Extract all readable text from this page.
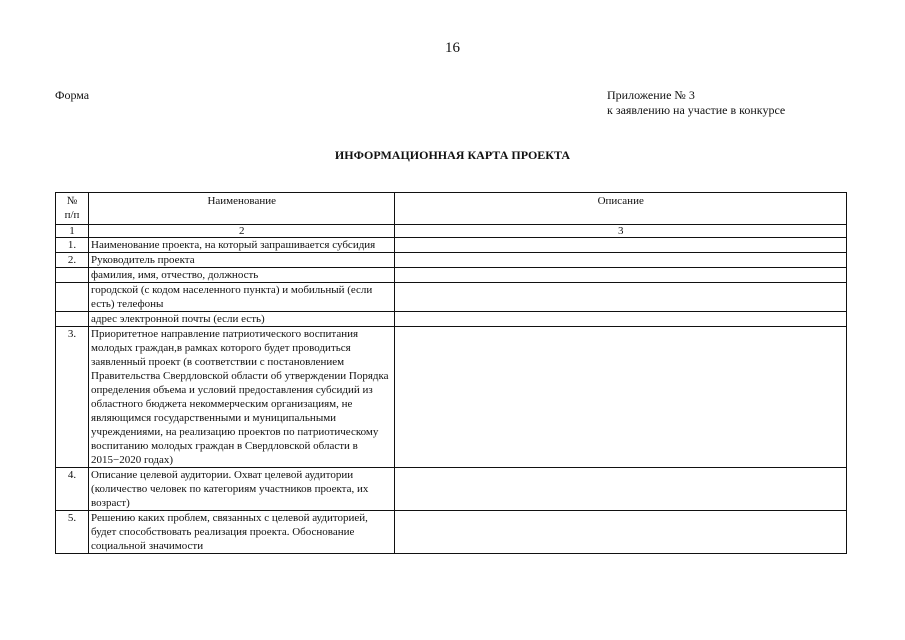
16
Форма	Приложение № 3
к заявлению на участие в конкурсе
ИНФОРМАЦИОННАЯ КАРТА ПРОЕКТА
№
п/п	Наименование	Описание
1	2	3
1.	Наименование проекта, на который запрашивается субсидия	
2.	Руководитель проекта	
	фамилия, имя, отчество, должность	
	городской (с кодом населенного пункта) и мобильный (если есть) телефоны	
	адрес электронной почты (если есть)	
3.	Приоритетное направление патриотического воспитания молодых граждан,в рамках которого будет проводиться заявленный проект (в соответствии с постановлением Правительства Свердловской области об утверждении Порядка определения объема и условий предоставления субсидий из областного бюджета некоммерческим организациям, не являющимся государственными и муниципальными учреждениями, на реализацию проектов по патриотическому воспитанию молодых граждан в Свердловской области в 2015−2020 годах)	
4.	Описание целевой аудитории. Охват целевой аудитории (количество человек по категориям участников проекта, их возраст)	
5.	Решению каких проблем, связанных с целевой аудиторией, будет способствовать реализация проекта. Обоснование социальной значимости	
